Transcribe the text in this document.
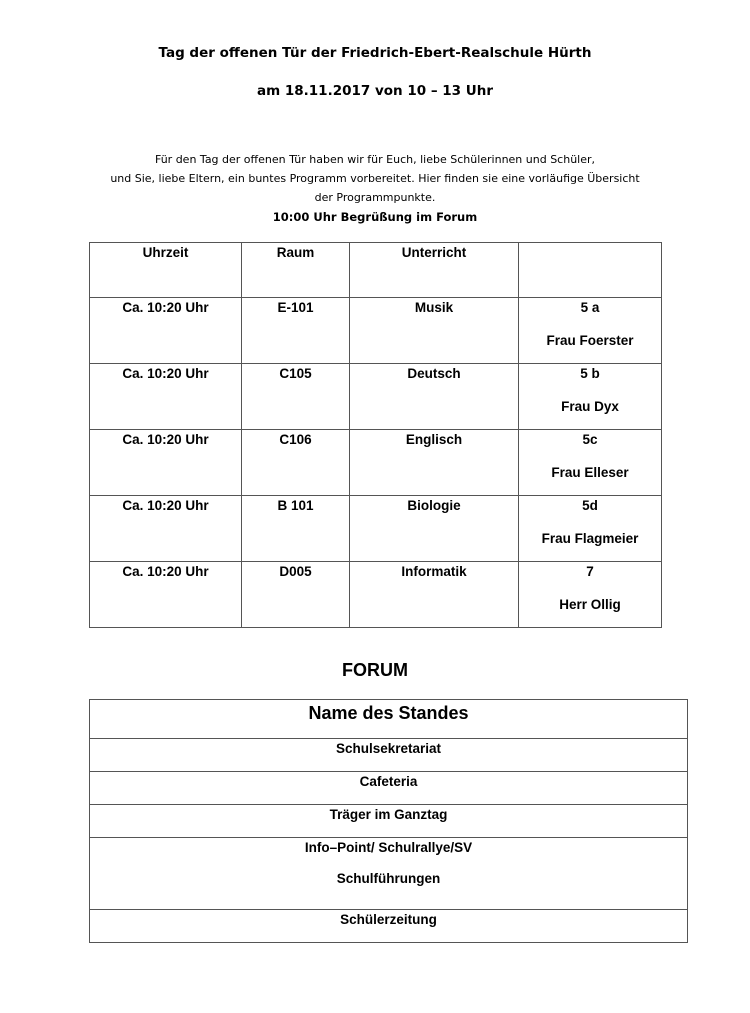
Tag der offenen Tür der Friedrich-Ebert-Realschule Hürth
am 18.11.2017 von 10 – 13 Uhr
Für den Tag der offenen Tür haben wir für Euch, liebe Schülerinnen und Schüler,
und Sie, liebe Eltern, ein buntes Programm vorbereitet. Hier finden sie eine vorläufige Übersicht
der Programmpunkte.
10:00 Uhr Begrüßung im Forum
Uhrzeit	Raum	Unterricht	

Ca. 10:20 Uhr	E-101	Musik	5 a
Frau Foerster

Ca. 10:20 Uhr	C105	Deutsch	5 b
Frau Dyx

Ca. 10:20 Uhr	C106	Englisch	5c
Frau Elleser

Ca. 10:20 Uhr	B 101	Biologie	5d
Frau Flagmeier

Ca. 10:20 Uhr	D005	Informatik	7
Herr Ollig
FORUM
Name des Standes

Schulsekretariat

Cafeteria

Träger im Ganztag

Info–Point/ Schulrallye/SV
Schulführungen

Schülerzeitung
